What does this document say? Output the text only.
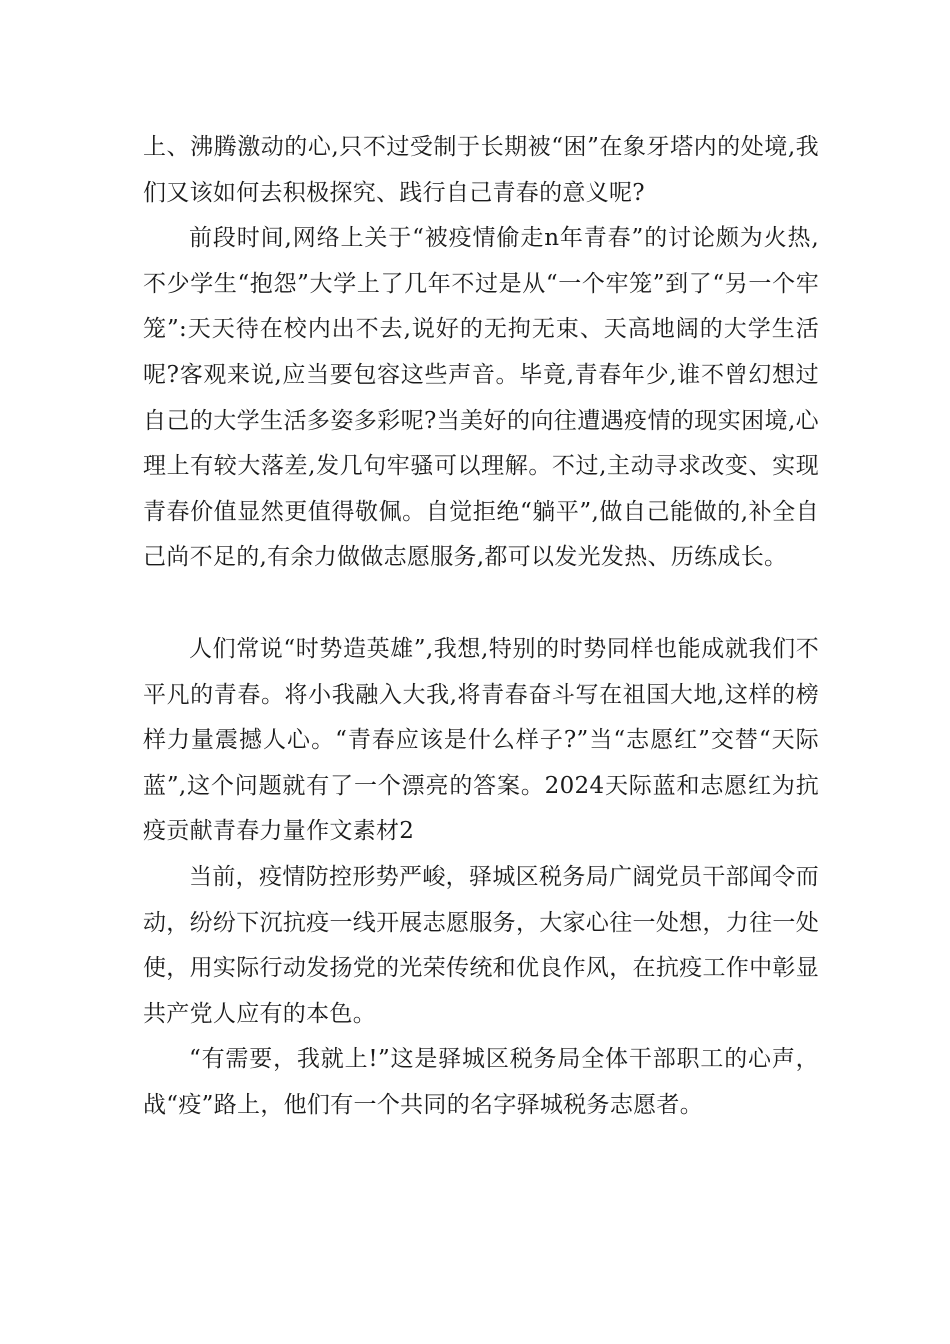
上、沸腾激动的心,只不过受制于长期被“困”在象牙塔内的处境,我们又该如何去积极探究、践行自己青春的意义呢?

前段时间,网络上关于“被疫情偷走n年青春”的讨论颇为火热,不少学生“抱怨”大学上了几年不过是从“一个牢笼”到了“另一个牢笼”:天天待在校内出不去,说好的无拘无束、天高地阔的大学生活呢?客观来说,应当要包容这些声音。毕竟,青春年少,谁不曾幻想过自己的大学生活多姿多彩呢?当美好的向往遭遇疫情的现实困境,心理上有较大落差,发几句牢骚可以理解。不过,主动寻求改变、实现青春价值显然更值得敬佩。自觉拒绝“躺平”,做自己能做的,补全自己尚不足的,有余力做做志愿服务,都可以发光发热、历练成长。

人们常说“时势造英雄”,我想,特别的时势同样也能成就我们不平凡的青春。将小我融入大我,将青春奋斗写在祖国大地,这样的榜样力量震撼人心。“青春应该是什么样子?”当“志愿红”交替“天际蓝”,这个问题就有了一个漂亮的答案。2024天际蓝和志愿红为抗疫贡献青春力量作文素材2

当前，疫情防控形势严峻，驿城区税务局广阔党员干部闻令而动，纷纷下沉抗疫一线开展志愿服务，大家心往一处想，力往一处使，用实际行动发扬党的光荣传统和优良作风，在抗疫工作中彰显共产党人应有的本色。

“有需要，我就上!”这是驿城区税务局全体干部职工的心声，战“疫”路上，他们有一个共同的名字驿城税务志愿者。
